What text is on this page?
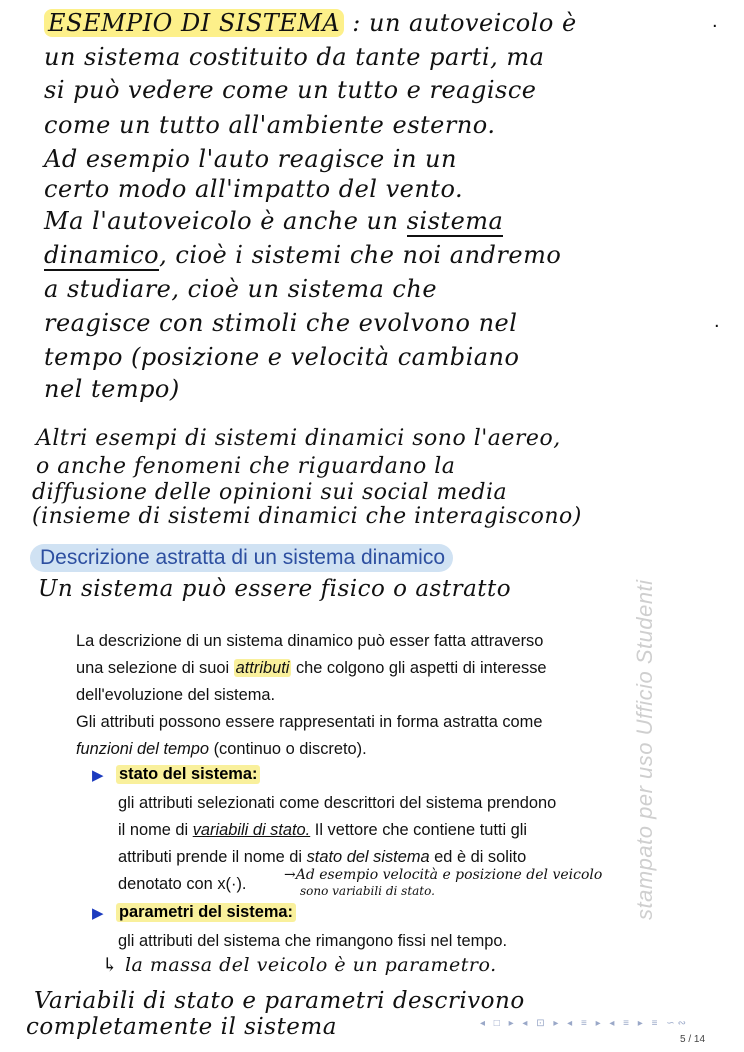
ESEMPIO DI SISTEMA : un autoveicolo è	.
un sistema costituito da tante parti, ma
si può vedere come un tutto e reagisce
come un tutto all'ambiente esterno.
Ad esempio l'auto reagisce in un
certo modo all'impatto del vento.
Ma l'autoveicolo è anche un sistema
dinamico, cioè i sistemi che noi andremo
a studiare, cioè un sistema che
reagisce con stimoli che evolvono nel	.
tempo (posizione e velocità cambiano
nel tempo)
Altri esempi di sistemi dinamici sono l'aereo,
o anche fenomeni che riguardano la
diffusione delle opinioni sui social media
(insieme di sistemi dinamici che interagiscono)
Descrizione astratta di un sistema dinamico
Un sistema può essere fisico o astratto
La descrizione di un sistema dinamico può esser fatta attraverso
una selezione di suoi attributi che colgono gli aspetti di interesse
dell'evoluzione del sistema.
Gli attributi possono essere rappresentati in forma astratta come
funzioni del tempo (continuo o discreto).
▶ stato del sistema:
gli attributi selezionati come descrittori del sistema prendono
il nome di variabili di stato. Il vettore che contiene tutti gli
attributi prende il nome di stato del sistema ed è di solito
denotato con x(·).	→Ad esempio velocità e posizione del veicolo
sono variabili di stato.
▶ parametri del sistema:
gli attributi del sistema che rimangono fissi nel tempo.
↳ la massa del veicolo è un parametro.
Variabili di stato e parametri descrivono
completamente il sistema
stampato per uso Ufficio Studenti
◂ □ ▸ ◂ ⊡ ▸ ◂ ≡ ▸ ◂ ≡ ▸ ≡ ∽∾
5 / 14
